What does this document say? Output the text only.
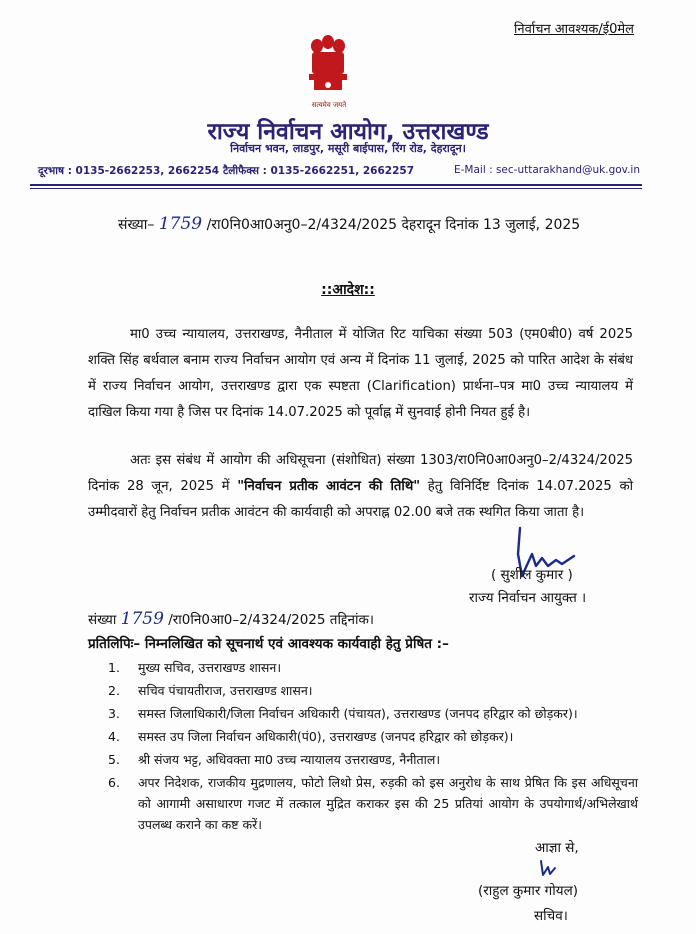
निर्वाचन आवश्यक/ई0मेल
सत्यमेव जयते
राज्य निर्वाचन आयोग, उत्तराखण्ड
निर्वाचन भवन, लाडपुर, मसूरी बाईपास, रिंग रोड, देहरादून।
दूरभाष : 0135-2662253, 2662254 टैलीफैक्स : 0135-2662251, 2662257	E-Mail : sec-uttarakhand@uk.gov.in
संख्या– 1759 /रा0नि0आ0अनु0–2/4324/2025 देहरादून दिनांक 13 जुलाई, 2025
::आदेश::
मा0 उच्च न्यायालय, उत्तराखण्ड, नैनीताल में योजित रिट याचिका संख्या 503 (एम0बी0) वर्ष 2025 शक्ति सिंह बर्थवाल बनाम राज्य निर्वाचन आयोग एवं अन्य में दिनांक 11 जुलाई, 2025 को पारित आदेश के संबंध में राज्य निर्वाचन आयोग, उत्तराखण्ड द्वारा एक स्पष्टता (Clarification) प्रार्थना–पत्र मा0 उच्च न्यायालय में दाखिल किया गया है जिस पर दिनांक 14.07.2025 को पूर्वाह्न में सुनवाई होनी नियत हुई है।
अतः इस संबंध में आयोग की अधिसूचना (संशोधित) संख्या 1303/रा0नि0आ0अनु0–2/4324/2025 दिनांक 28 जून, 2025 में "निर्वाचन प्रतीक आवंटन की तिथि" हेतु विनिर्दिष्ट दिनांक 14.07.2025 को उम्मीदवारों हेतु निर्वाचन प्रतीक आवंटन की कार्यवाही को अपराह्न 02.00 बजे तक स्थगित किया जाता है।
( सुशील कुमार )
राज्य निर्वाचन आयुक्त ।
संख्या 1759 /रा0नि0आ0–2/4324/2025 तद्दिनांक।
प्रतिलिपिः– निम्नलिखित को सूचनार्थ एवं आवश्यक कार्यवाही हेतु प्रेषित :–
1.	मुख्य सचिव, उत्तराखण्ड शासन।
2.	सचिव पंचायतीराज, उत्तराखण्ड शासन।
3.	समस्त जिलाधिकारी/जिला निर्वाचन अधिकारी (पंचायत), उत्तराखण्ड (जनपद हरिद्वार को छोड़कर)।
4.	समस्त उप जिला निर्वाचन अधिकारी(पं0), उत्तराखण्ड (जनपद हरिद्वार को छोड़कर)।
5.	श्री संजय भट्ट, अधिवक्ता मा0 उच्च न्यायालय उत्तराखण्ड, नैनीताल।
6.	अपर निदेशक, राजकीय मुद्रणालय, फोटो लिथो प्रेस, रुड़की को इस अनुरोध के साथ प्रेषित कि इस अधिसूचना को आगामी असाधारण गजट में तत्काल मुद्रित कराकर इस की 25 प्रतियां आयोग के उपयोगार्थ/अभिलेखार्थ उपलब्ध कराने का कष्ट करें।
आज्ञा से,
(राहुल कुमार गोयल)
सचिव।
